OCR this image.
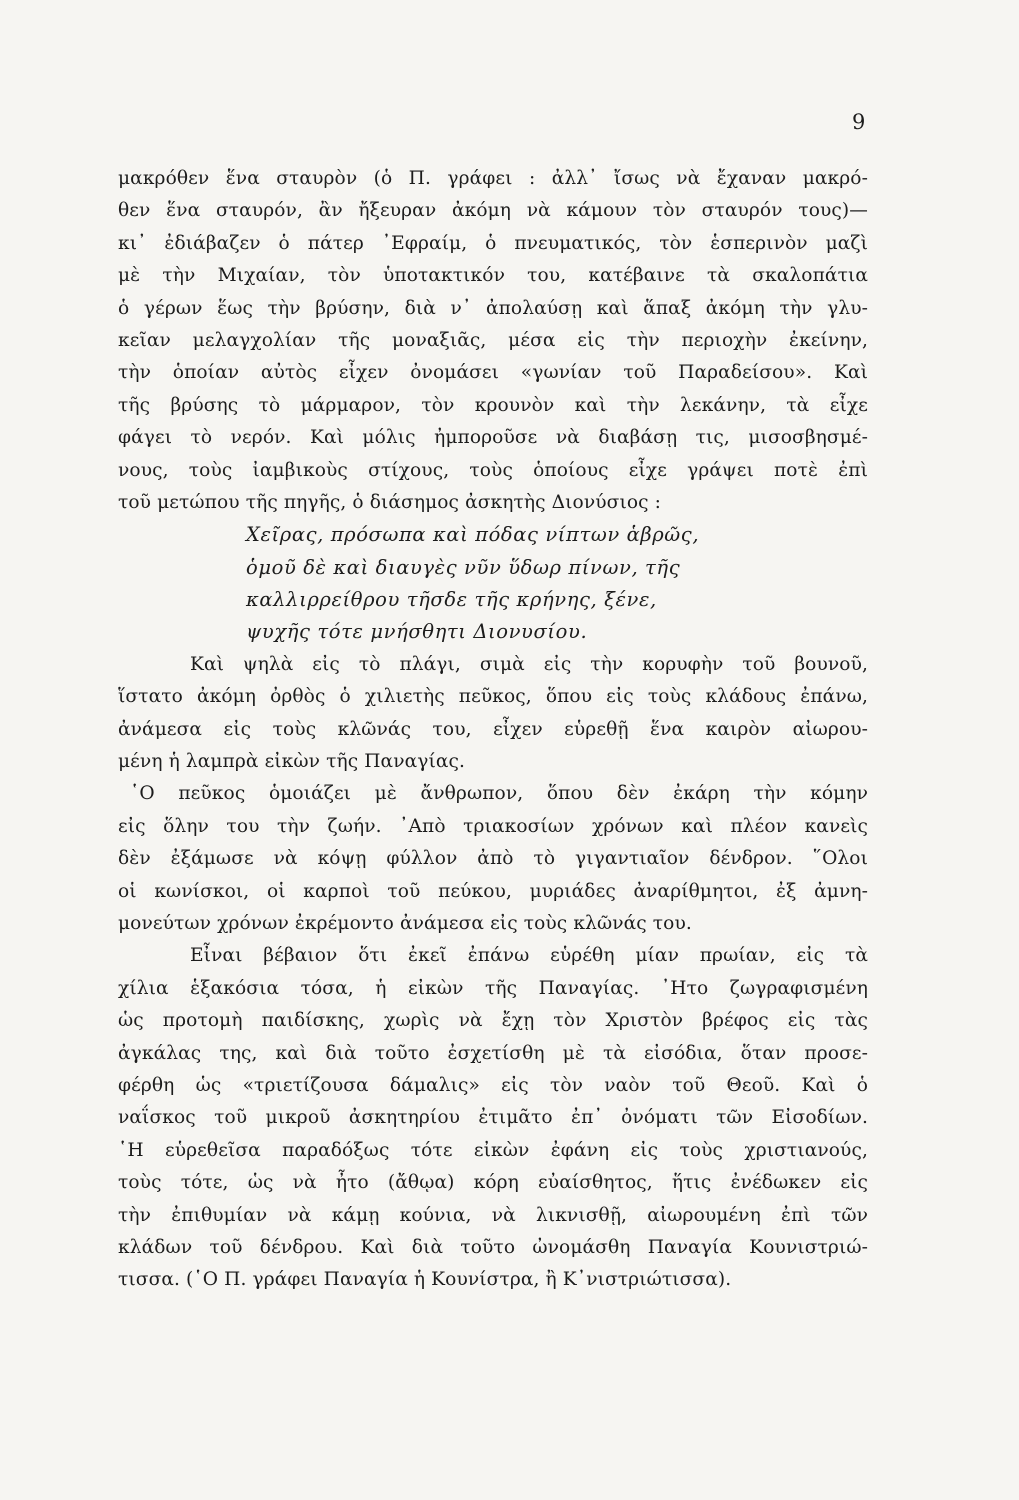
9
μακρόθεν ἕνα σταυρὸν (ὁ Π. γράφει : ἀλλ᾽ ἴσως νὰ ἔχαναν μακρό-
θεν ἕνα σταυρόν, ἂν ἤξευραν ἀκόμη νὰ κάμουν τὸν σταυρόν τους)—
κι᾽ ἐδιάβαζεν ὁ πάτερ ᾽Εφραίμ, ὁ πνευματικός, τὸν ἑσπερινὸν μαζὶ
μὲ τὴν Μιχαίαν, τὸν ὑποτακτικόν του, κατέβαινε τὰ σκαλοπάτια
ὁ γέρων ἕως τὴν βρύσην, διὰ ν᾽ ἀπολαύσῃ καὶ ἅπαξ ἀκόμη τὴν γλυ-
κεῖαν μελαγχολίαν τῆς μοναξιᾶς, μέσα εἰς τὴν περιοχὴν ἐκείνην,
τὴν ὁποίαν αὐτὸς εἶχεν ὀνομάσει «γωνίαν τοῦ Παραδείσου». Καὶ
τῆς βρύσης τὸ μάρμαρον, τὸν κρουνὸν καὶ τὴν λεκάνην, τὰ εἶχε
φάγει τὸ νερόν. Καὶ μόλις ἠμποροῦσε νὰ διαβάσῃ τις, μισοσβησμέ-
νους, τοὺς ἰαμβικοὺς στίχους, τοὺς ὁποίους εἶχε γράψει ποτὲ ἐπὶ
τοῦ μετώπου τῆς πηγῆς, ὁ διάσημος ἀσκητὴς Διονύσιος :
Χεῖρας, πρόσωπα καὶ πόδας νίπτων ἁβρῶς,
ὁμοῦ δὲ καὶ διαυγὲς νῦν ὕδωρ πίνων, τῆς
καλλιρρείθρου τῆσδε τῆς κρήνης, ξένε,
ψυχῆς τότε μνήσθητι Διονυσίου.
Καὶ ψηλὰ εἰς τὸ πλάγι, σιμὰ εἰς τὴν κορυφὴν τοῦ βουνοῦ,
ἵστατο ἀκόμη ὀρθὸς ὁ χιλιετὴς πεῦκος, ὅπου εἰς τοὺς κλάδους ἐπάνω,
ἀνάμεσα εἰς τοὺς κλῶνάς του, εἶχεν εὑρεθῇ ἕνα καιρὸν αἰωρου-
μένη ἡ λαμπρὰ εἰκὼν τῆς Παναγίας.
῾Ο πεῦκος ὁμοιάζει μὲ ἄνθρωπον, ὅπου δὲν ἐκάρη τὴν κόμην
εἰς ὅλην του τὴν ζωήν. ᾽Απὸ τριακοσίων χρόνων καὶ πλέον κανεὶς
δὲν ἐξάμωσε νὰ κόψῃ φύλλον ἀπὸ τὸ γιγαντιαῖον δένδρον. ῞Ολοι
οἱ κωνίσκοι, οἱ καρποὶ τοῦ πεύκου, μυριάδες ἀναρίθμητοι, ἐξ ἀμνη-
μονεύτων χρόνων ἐκρέμοντο ἀνάμεσα εἰς τοὺς κλῶνάς του.
Εἶναι βέβαιον ὅτι ἐκεῖ ἐπάνω εὑρέθη μίαν πρωίαν, εἰς τὰ
χίλια ἑξακόσια τόσα, ἡ εἰκὼν τῆς Παναγίας. ᾽Ητο ζωγραφισμένη
ὡς προτομὴ παιδίσκης, χωρὶς νὰ ἔχῃ τὸν Χριστὸν βρέφος εἰς τὰς
ἀγκάλας της, καὶ διὰ τοῦτο ἐσχετίσθη μὲ τὰ εἰσόδια, ὅταν προσε-
φέρθη ὡς «τριετίζουσα δάμαλις» εἰς τὸν ναὸν τοῦ Θεοῦ. Καὶ ὁ
ναΐσκος τοῦ μικροῦ ἀσκητηρίου ἐτιμᾶτο ἐπ᾽ ὀνόματι τῶν Εἰσοδίων.
῾Η εὑρεθεῖσα παραδόξως τότε εἰκὼν ἐφάνη εἰς τοὺς χριστιανούς,
τοὺς τότε, ὡς νὰ ἦτο (ἄθῳα) κόρη εὐαίσθητος, ἥτις ἐνέδωκεν εἰς
τὴν ἐπιθυμίαν νὰ κάμῃ κούνια, νὰ λικνισθῇ, αἰωρουμένη ἐπὶ τῶν
κλάδων τοῦ δένδρου. Καὶ διὰ τοῦτο ὠνομάσθη Παναγία Κουνιστριώ-
τισσα. (῾Ο Π. γράφει Παναγία ἡ Κουνίστρα, ἢ Κ᾽νιστριώτισσα).
